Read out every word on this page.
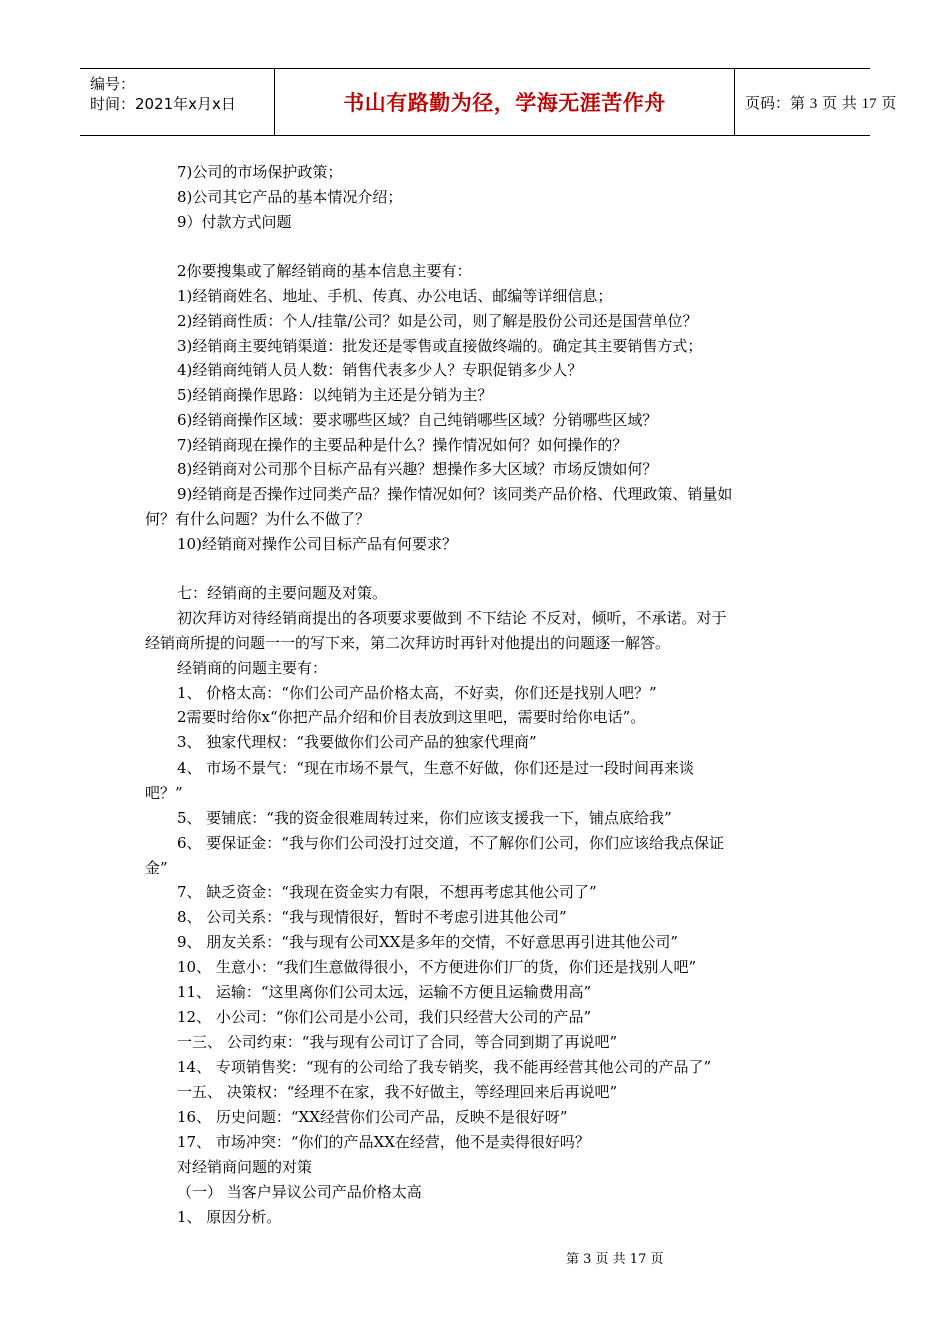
编号：
时间：2021年x月x日	书山有路勤为径，学海无涯苦作舟	页码：第 3 页 共 17 页
7)公司的市场保护政策；
8)公司其它产品的基本情况介绍；
9）付款方式问题
2你要搜集或了解经销商的基本信息主要有：
1)经销商姓名、地址、手机、传真、办公电话、邮编等详细信息；
2)经销商性质：个人/挂靠/公司？如是公司，则了解是股份公司还是国营单位？
3)经销商主要纯销渠道：批发还是零售或直接做终端的。确定其主要销售方式；
4)经销商纯销人员人数：销售代表多少人？专职促销多少人？
5)经销商操作思路：以纯销为主还是分销为主？
6)经销商操作区域：要求哪些区域？自己纯销哪些区域？分销哪些区域？
7)经销商现在操作的主要品种是什么？操作情况如何？如何操作的？
8)经销商对公司那个目标产品有兴趣？想操作多大区域？市场反馈如何？
9)经销商是否操作过同类产品？操作情况如何？该同类产品价格、代理政策、销量如
何？有什么问题？为什么不做了？
10)经销商对操作公司目标产品有何要求？
七：经销商的主要问题及对策。
初次拜访对待经销商提出的各项要求要做到 不下结论 不反对，倾听，不承诺。对于
经销商所提的问题一一的写下来，第二次拜访时再针对他提出的问题逐一解答。
经销商的问题主要有：
1、 价格太高：“你们公司产品价格太高，不好卖，你们还是找别人吧？”
2需要时给你x“你把产品介绍和价目表放到这里吧，需要时给你电话”。
3、 独家代理权：“我要做你们公司产品的独家代理商”
4、 市场不景气：“现在市场不景气，生意不好做，你们还是过一段时间再来谈
吧？”
5、 要铺底：“我的资金很难周转过来，你们应该支援我一下，铺点底给我”
6、 要保证金：“我与你们公司没打过交道，不了解你们公司，你们应该给我点保证
金”
7、 缺乏资金：“我现在资金实力有限，不想再考虑其他公司了”
8、 公司关系：“我与现情很好，暂时不考虑引进其他公司”
9、 朋友关系：“我与现有公司XX是多年的交情，不好意思再引进其他公司”
10、 生意小：“我们生意做得很小，不方便进你们厂的货，你们还是找别人吧”
11、 运输：“这里离你们公司太远，运输不方便且运输费用高”
12、 小公司：“你们公司是小公司，我们只经营大公司的产品”
一三、 公司约束：“我与现有公司订了合同，等合同到期了再说吧”
14、 专项销售奖：“现有的公司给了我专销奖，我不能再经营其他公司的产品了”
一五、 决策权：“经理不在家，我不好做主，等经理回来后再说吧”
16、 历史问题：“XX经营你们公司产品，反映不是很好呀”
17、 市场冲突：“你们的产品XX在经营，他不是卖得很好吗？
对经销商问题的对策
（一） 当客户异议公司产品价格太高
1、 原因分析。
第 3 页 共 17 页
